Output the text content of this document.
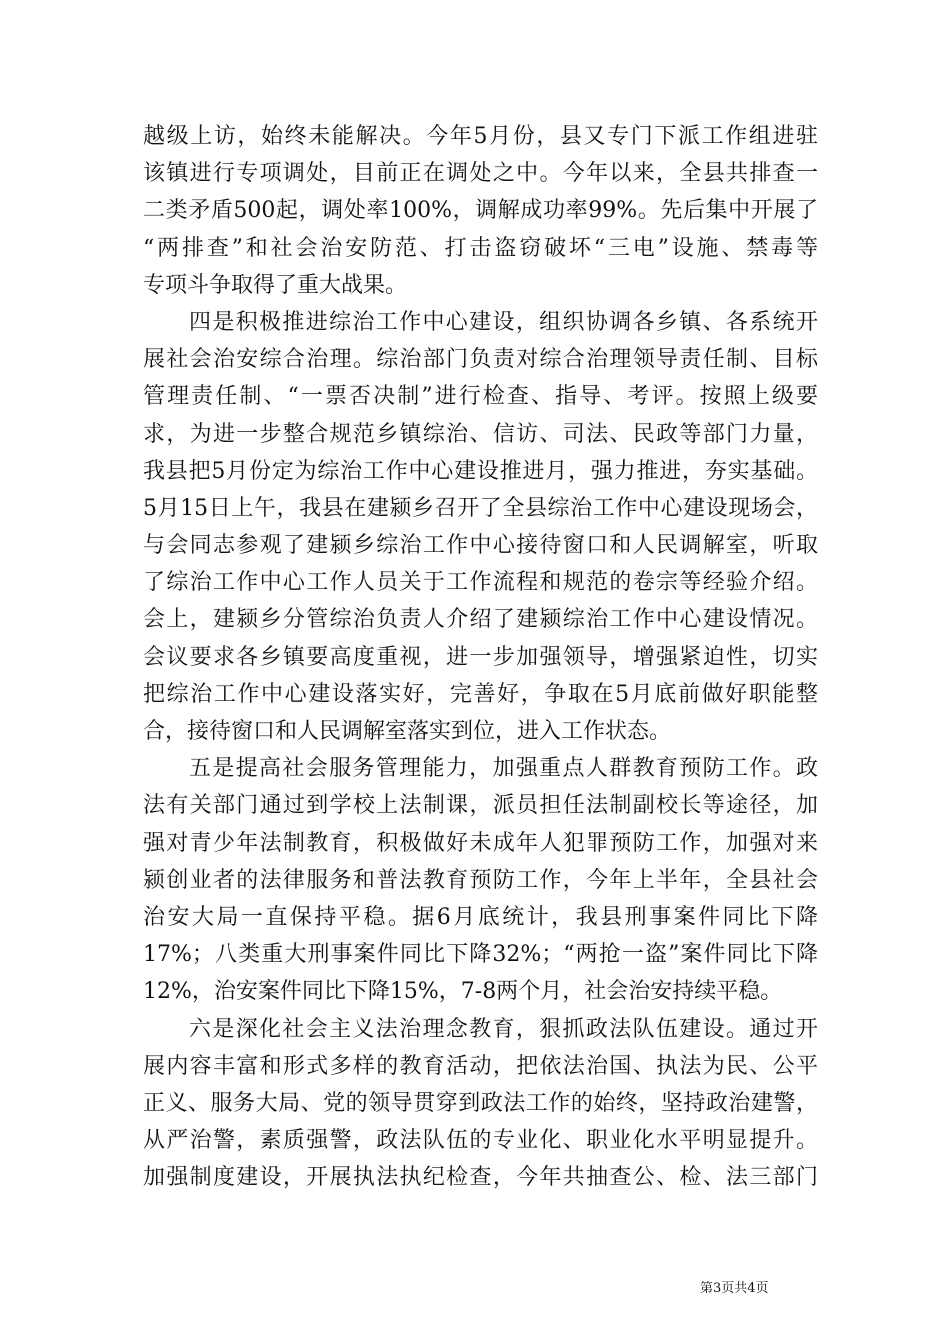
越级上访，始终未能解决。今年5月份，县又专门下派工作组进驻
该镇进行专项调处，目前正在调处之中。今年以来，全县共排查一
二类矛盾500起，调处率100%，调解成功率99%。先后集中开展了
“两排查”和社会治安防范、打击盗窃破坏“三电”设施、禁毒等
专项斗争取得了重大战果。
四是积极推进综治工作中心建设，组织协调各乡镇、各系统开
展社会治安综合治理。综治部门负责对综合治理领导责任制、目标
管理责任制、“一票否决制”进行检查、指导、考评。按照上级要
求，为进一步整合规范乡镇综治、信访、司法、民政等部门力量，
我县把5月份定为综治工作中心建设推进月，强力推进，夯实基础。
5月15日上午，我县在建颍乡召开了全县综治工作中心建设现场会，
与会同志参观了建颍乡综治工作中心接待窗口和人民调解室，听取
了综治工作中心工作人员关于工作流程和规范的卷宗等经验介绍。
会上，建颍乡分管综治负责人介绍了建颍综治工作中心建设情况。
会议要求各乡镇要高度重视，进一步加强领导，增强紧迫性，切实
把综治工作中心建设落实好，完善好，争取在5月底前做好职能整
合，接待窗口和人民调解室落实到位，进入工作状态。
五是提高社会服务管理能力，加强重点人群教育预防工作。政
法有关部门通过到学校上法制课，派员担任法制副校长等途径，加
强对青少年法制教育，积极做好未成年人犯罪预防工作，加强对来
颍创业者的法律服务和普法教育预防工作，今年上半年，全县社会
治安大局一直保持平稳。据6月底统计，我县刑事案件同比下降
17%；八类重大刑事案件同比下降32%；“两抢一盗”案件同比下降
12%，治安案件同比下降15%，7-8两个月，社会治安持续平稳。
六是深化社会主义法治理念教育，狠抓政法队伍建设。通过开
展内容丰富和形式多样的教育活动，把依法治国、执法为民、公平
正义、服务大局、党的领导贯穿到政法工作的始终，坚持政治建警，
从严治警，素质强警，政法队伍的专业化、职业化水平明显提升。
加强制度建设，开展执法执纪检查，今年共抽查公、检、法三部门
第3页共4页
